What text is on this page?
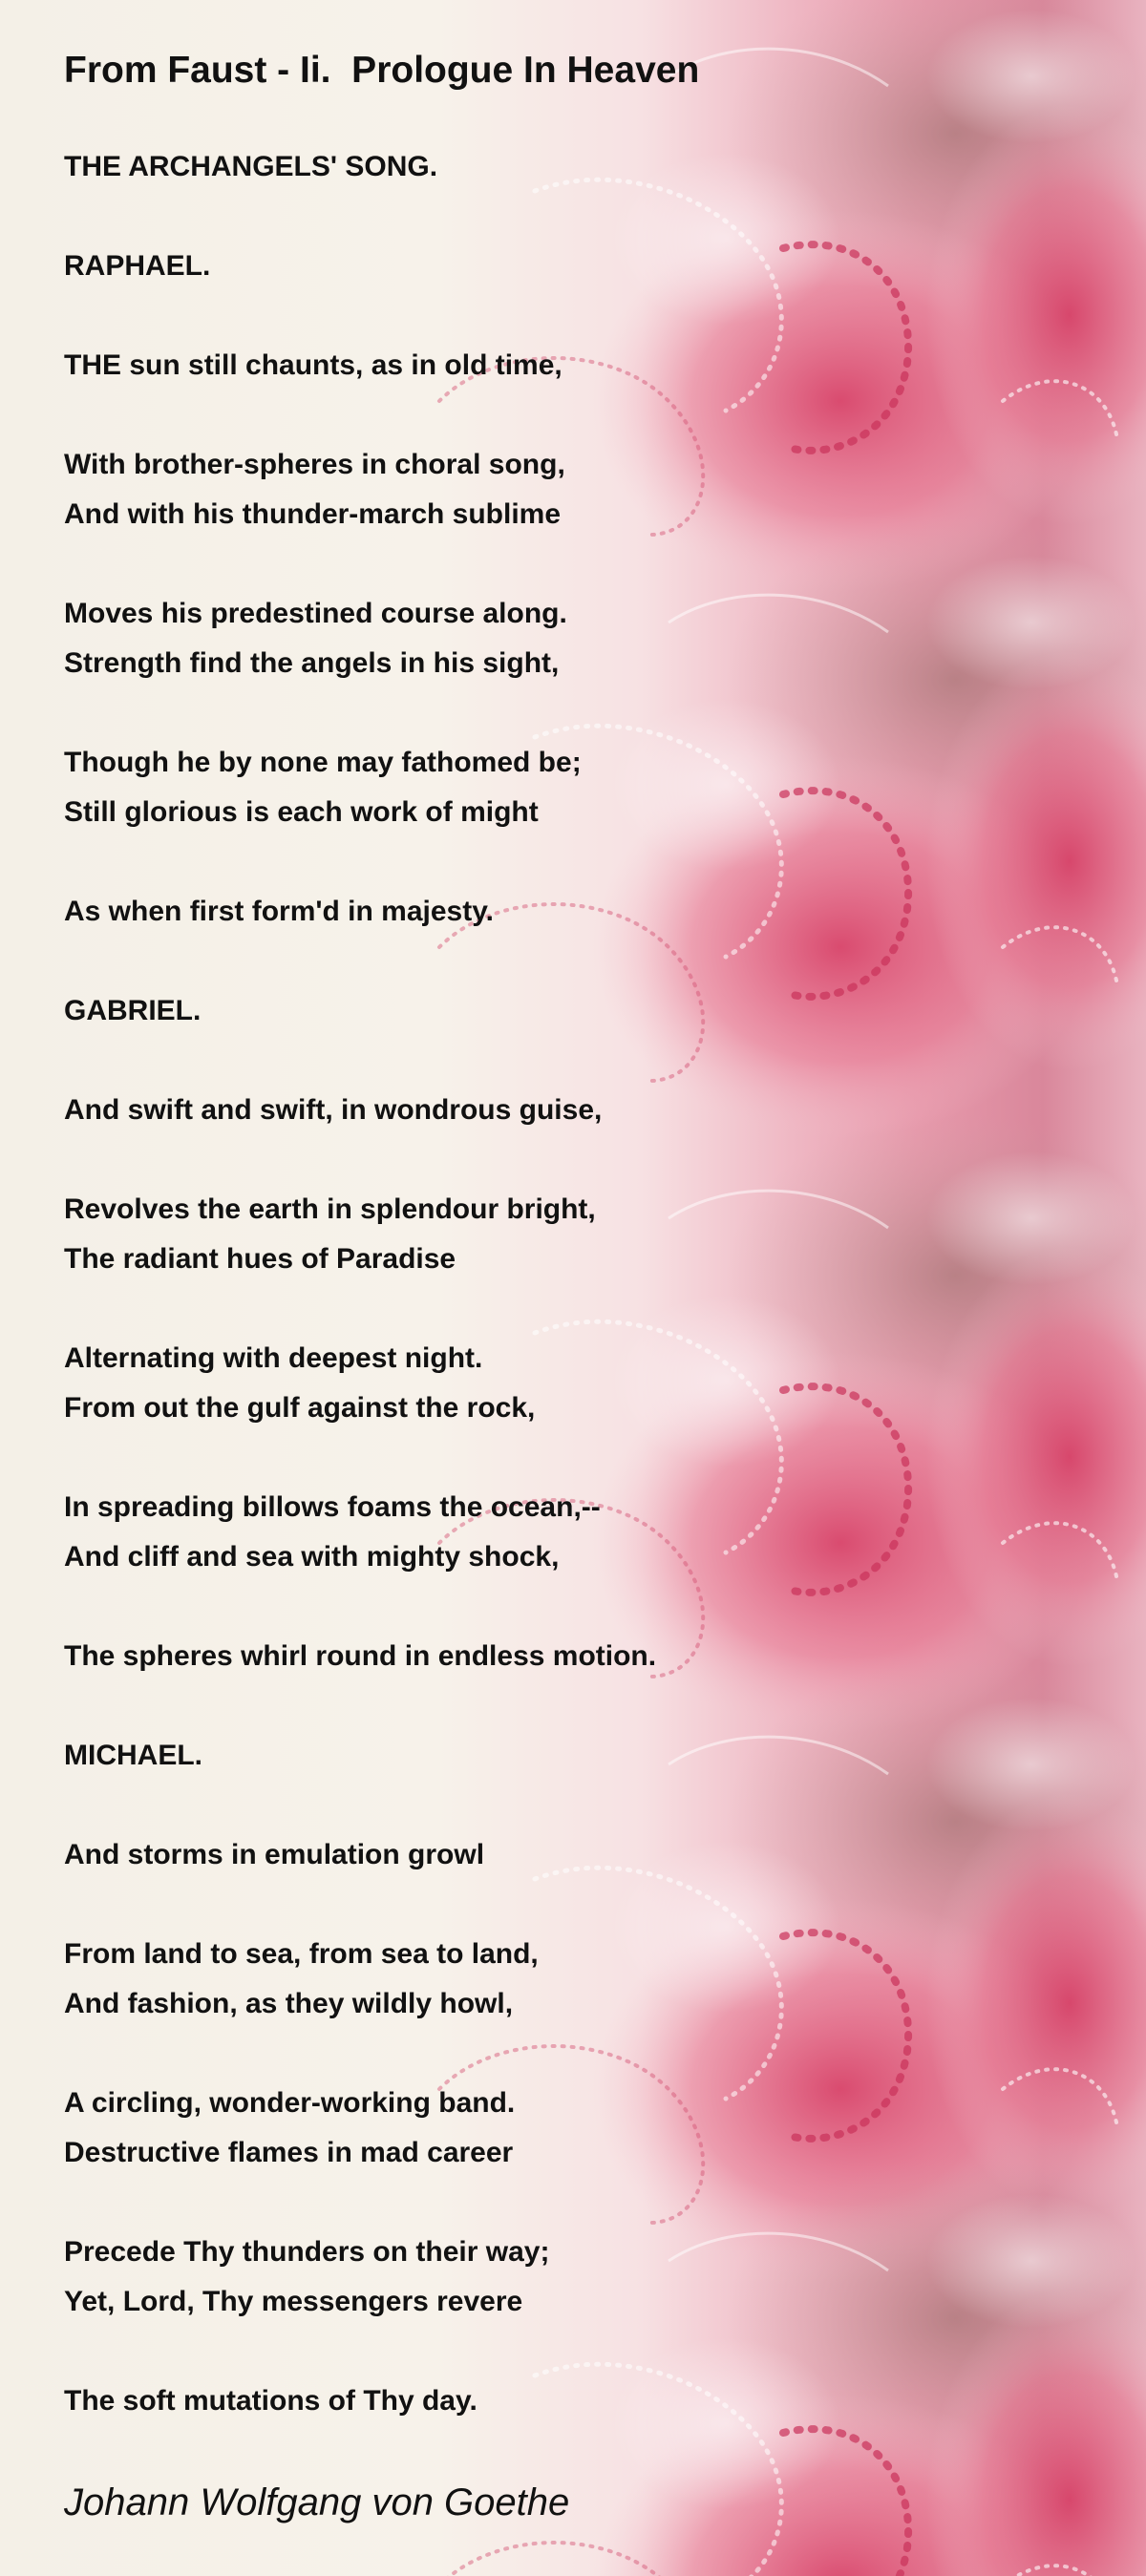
From Faust - Ii.  Prologue In Heaven
THE ARCHANGELS' SONG.
RAPHAEL.
THE sun still chaunts, as in old time,
With brother-spheres in choral song,
And with his thunder-march sublime
Moves his predestined course along.
Strength find the angels in his sight,
Though he by none may fathomed be;
Still glorious is each work of might
As when first form'd in majesty.
GABRIEL.
And swift and swift, in wondrous guise,
Revolves the earth in splendour bright,
The radiant hues of Paradise
Alternating with deepest night.
From out the gulf against the rock,
In spreading billows foams the ocean,--
And cliff and sea with mighty shock,
The spheres whirl round in endless motion.
MICHAEL.
And storms in emulation growl
From land to sea, from sea to land,
And fashion, as they wildly howl,
A circling, wonder-working band.
Destructive flames in mad career
Precede Thy thunders on their way;
Yet, Lord, Thy messengers revere
The soft mutations of Thy day.
Johann Wolfgang von Goethe
